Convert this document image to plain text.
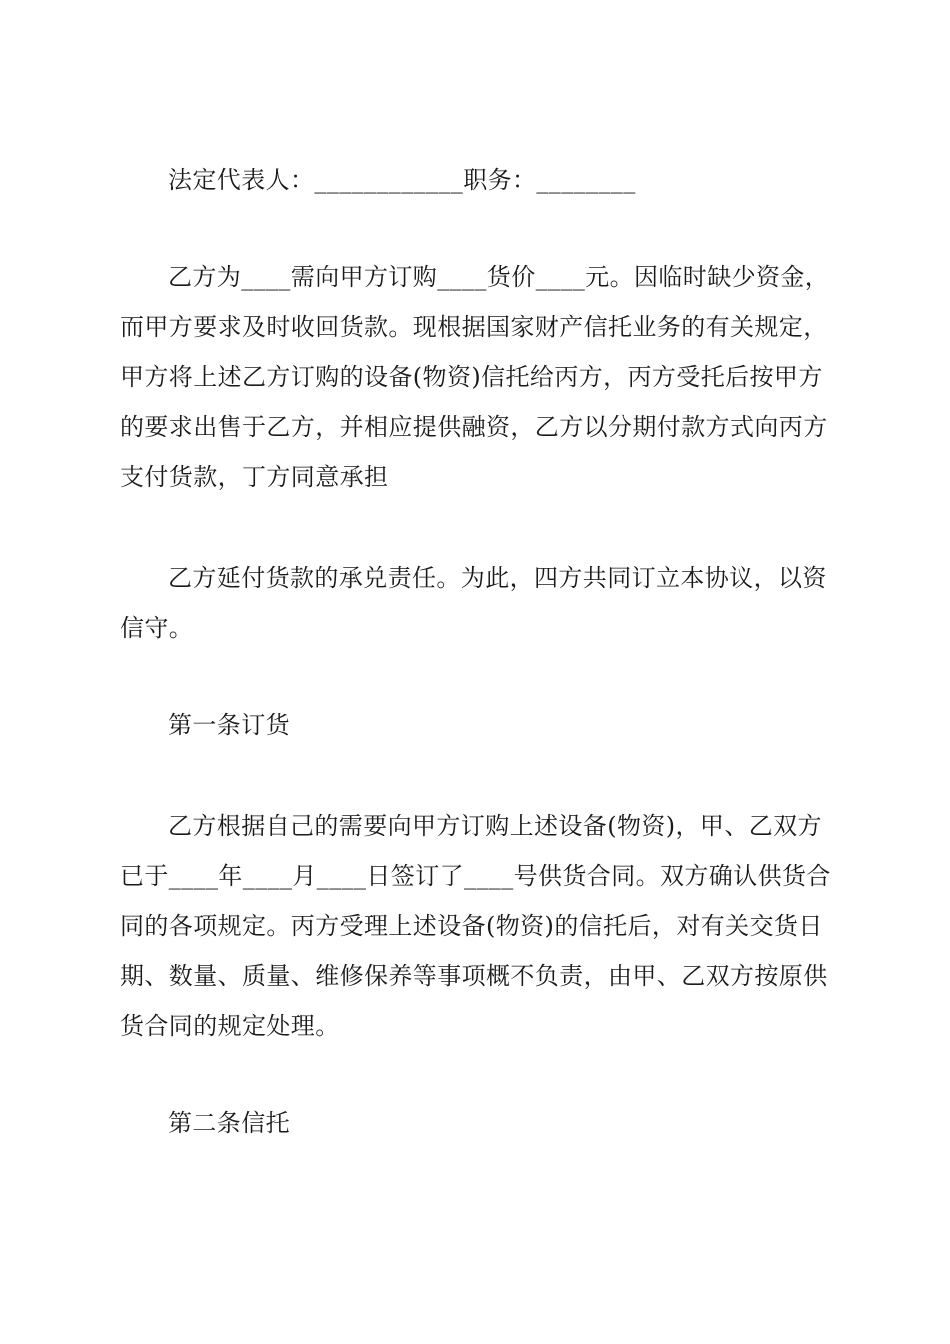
法定代表人：____________职务：________
乙方为____需向甲方订购____货价____元。因临时缺少资金，
而甲方要求及时收回货款。现根据国家财产信托业务的有关规定，
甲方将上述乙方订购的设备(物资)信托给丙方，丙方受托后按甲方
的要求出售于乙方，并相应提供融资，乙方以分期付款方式向丙方
支付货款，丁方同意承担
乙方延付货款的承兑责任。为此，四方共同订立本协议，以资
信守。
第一条订货
乙方根据自己的需要向甲方订购上述设备(物资)，甲、乙双方
已于____年____月____日签订了____号供货合同。双方确认供货合
同的各项规定。丙方受理上述设备(物资)的信托后，对有关交货日
期、数量、质量、维修保养等事项概不负责，由甲、乙双方按原供
货合同的规定处理。
第二条信托
